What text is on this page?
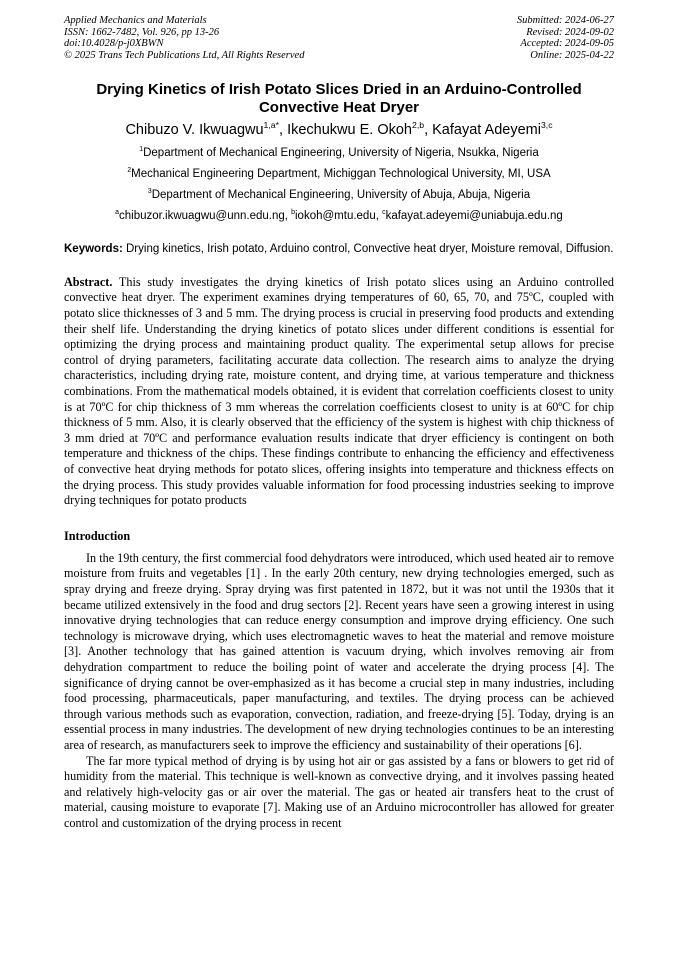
Applied Mechanics and Materials
ISSN: 1662-7482, Vol. 926, pp 13-26
doi:10.4028/p-j0XBWN
© 2025 Trans Tech Publications Ltd, All Rights Reserved
Submitted: 2024-06-27
Revised: 2024-09-02
Accepted: 2024-09-05
Online: 2025-04-22
Drying Kinetics of Irish Potato Slices Dried in an Arduino-Controlled Convective Heat Dryer
Chibuzo V. Ikwuagwu$^{1,a*}$, Ikechukwu E. Okoh$^{2,b}$, Kafayat Adeyemi$^{3,c}$
$^1$Department of Mechanical Engineering, University of Nigeria, Nsukka, Nigeria
$^2$Mechanical Engineering Department, Michiggan Technological University, MI, USA
$^3$Department of Mechanical Engineering, University of Abuja, Abuja, Nigeria
$^a$chibuzor.ikwuagwu@unn.edu.ng, $^b$iokoh@mtu.edu, $^c$kafayat.adeyemi@uniabuja.edu.ng
Keywords: Drying kinetics, Irish potato, Arduino control, Convective heat dryer, Moisture removal, Diffusion.
Abstract. This study investigates the drying kinetics of Irish potato slices using an Arduino controlled convective heat dryer. The experiment examines drying temperatures of 60, 65, 70, and 75ºC, coupled with potato slice thicknesses of 3 and 5 mm. The drying process is crucial in preserving food products and extending their shelf life. Understanding the drying kinetics of potato slices under different conditions is essential for optimizing the drying process and maintaining product quality. The experimental setup allows for precise control of drying parameters, facilitating accurate data collection. The research aims to analyze the drying characteristics, including drying rate, moisture content, and drying time, at various temperature and thickness combinations. From the mathematical models obtained, it is evident that correlation coefficients closest to unity is at 70ºC for chip thickness of 3 mm whereas the correlation coefficients closest to unity is at 60ºC for chip thickness of 5 mm. Also, it is clearly observed that the efficiency of the system is highest with chip thickness of 3 mm dried at 70ºC and performance evaluation results indicate that dryer efficiency is contingent on both temperature and thickness of the chips. These findings contribute to enhancing the efficiency and effectiveness of convective heat drying methods for potato slices, offering insights into temperature and thickness effects on the drying process. This study provides valuable information for food processing industries seeking to improve drying techniques for potato products
Introduction

In the 19th century, the first commercial food dehydrators were introduced, which used heated air to remove moisture from fruits and vegetables [1] . In the early 20th century, new drying technologies emerged, such as spray drying and freeze drying. Spray drying was first patented in 1872, but it was not until the 1930s that it became utilized extensively in the food and drug sectors [2]. Recent years have seen a growing interest in using innovative drying technologies that can reduce energy consumption and improve drying efficiency. One such technology is microwave drying, which uses electromagnetic waves to heat the material and remove moisture [3]. Another technology that has gained attention is vacuum drying, which involves removing air from dehydration compartment to reduce the boiling point of water and accelerate the drying process [4]. The significance of drying cannot be over-emphasized as it has become a crucial step in many industries, including food processing, pharmaceuticals, paper manufacturing, and textiles. The drying process can be achieved through various methods such as evaporation, convection, radiation, and freeze-drying [5]. Today, drying is an essential process in many industries. The development of new drying technologies continues to be an interesting area of research, as manufacturers seek to improve the efficiency and sustainability of their operations [6].

The far more typical method of drying is by using hot air or gas assisted by a fans or blowers to get rid of humidity from the material. This technique is well-known as convective drying, and it involves passing heated and relatively high-velocity gas or air over the material. The gas or heated air transfers heat to the crust of material, causing moisture to evaporate [7]. Making use of an Arduino microcontroller has allowed for greater control and customization of the drying process in recent
